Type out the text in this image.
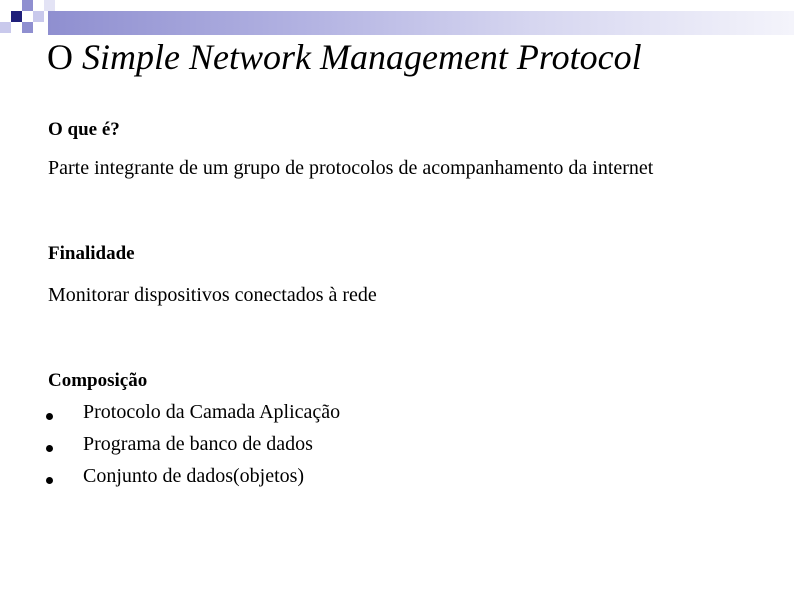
O Simple Network Management Protocol

O que é?

Parte integrante de um grupo de protocolos de acompanhamento da internet

Finalidade

Monitorar dispositivos conectados à rede

Composição

Protocolo da Camada Aplicação
Programa de banco de dados
Conjunto de dados(objetos)
